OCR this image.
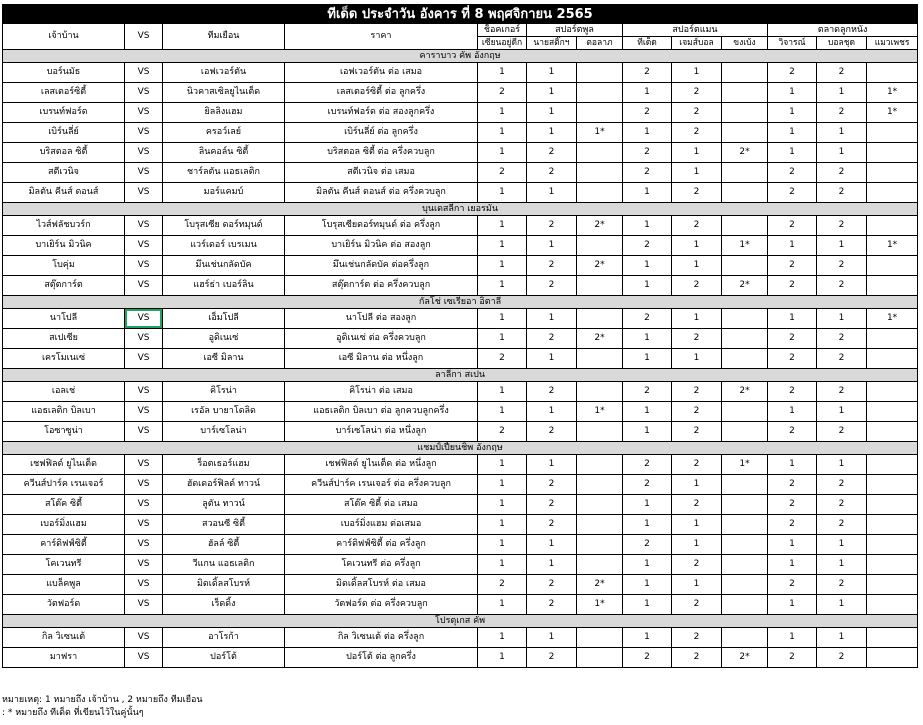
ทีเด็ด ประจำวัน อังคาร ที่ 8 พฤศจิกายน 2565												
เจ้าบ้าน	VS	ทีมเยือน	ราคา	ช็อคเกอร์	สปอร์ตพูล		สปอร์ตแมน			ตลาดลูกหนัง		
				เซียนอยู่ดีก	นายสติ๊กฯ	ตอลาภ	ทีเด็ด	เจมส์บอล	ขงเบ้ง	วิจารณ์	บอลชุด	แมวเพชร
คาราบาว คัพ อังกฤษ												
บอร์นมัธ	VS	เอฟเวอร์ตัน	เอฟเวอร์ตัน ต่อ เสมอ	1	1		2	1		2	2	
เลสเตอร์ซิตี้	VS	นิวคาสเซิลยูไนเต็ด	เลสเตอร์ซิตี้ ต่อ ลูกครึ่ง	2	1		1	2		1	1	1*
เบรนท์ฟอร์ด	VS	ยิลลิงแฮม	เบรนท์ฟอร์ด ต่อ สองลูกครึ่ง	1	1		2	2		1	2	1*
เบิร์นลี่ย์	VS	ครอว์เลย์	เบิร์นลี่ย์ ต่อ ลูกครึ่ง	1	1	1*	1	2		1	1	
บริสตอล ซิตี้	VS	ลินคอล์น ซิตี้	บริสตอล ซิตี้ ต่อ ครึ่งควบลูก	1	2		2	1	2*	1	1	
สตีเวนิจ	VS	ชาร์ลตัน แอธเลติก	สตีเวนิจ ต่อ เสมอ	2	2		2	1		2	2	
มิลตัน คีนส์ ดอนส์	VS	มอร์แคมบ์	มิลตัน คีนส์ ดอนส์ ต่อ ครึ่งควบลูก	1	1		1	2		2	2	
บุนเดสลีกา เยอรมัน												
ไวส์ฟลัชบวร์ก	VS	โบรุสเซีย ดอร์ทมุนด์	โบรุสเซียดอร์ทมุนด์ ต่อ ครึ่งลูก	1	2	2*	1	2		2	2	
บาเยิร์น มิวนิค	VS	แวร์เดอร์ เบรเมน	บาเยิร์น มิวนิค ต่อ สองลูก	1	1		2	1	1*	1	1	1*
โบคุ่ม	VS	มึนเช่นกลัดบัค	มึนเช่นกลัดบัค ต่อครึ่งลูก	1	2	2*	1	1		2	2	
สตุ๊ตการ์ต	VS	แฮร์ธ่า เบอร์ลิน	สตุ๊ตการ์ต ต่อ ครึ่งควบลูก	1	2		1	2	2*	2	2	
กัลโช่ เซเรียอา อิตาลี												
นาโปลี	VS	เอ็มโปลี	นาโปลี ต่อ สองลูก	1	1		2	1		1	1	1*
สเปเซีย	VS	อูดิเนเซ่	อูดิเนเซ่ ต่อ ครึ่งควบลูก	1	2	2*	1	2		2	2	
เครโมเนเซ่	VS	เอซี มิลาน	เอซี มิลาน ต่อ หนึ่งลูก	2	1		1	1		2	2	
ลาลีกา สเปน												
เอลเช่	VS	คิโรน่า	คิโรน่า ต่อ เสมอ	1	2		2	2	2*	2	2	
แอธเลติก บิลเบา	VS	เรอัล บายาโดลิด	แอธเลติก บิลเบา ต่อ ลูกควบลูกครึ่ง	1	1	1*	1	2		1	1	
โอซาซูน่า	VS	บาร์เซโลน่า	บาร์เซโลน่า ต่อ หนึ่งลูก	2	2		1	2		2	2	
แชมป์เปี้ยนชิพ อังกฤษ												
เชฟฟิลด์ ยูไนเต็ด	VS	ร็อตเธอร์แฮม	เชฟฟิลด์ ยูไนเต็ด ต่อ หนึ่งลูก	1	1		2	2	1*	1	1	
ควีนส์ปาร์ค เรนเจอร์	VS	ฮัดเดอร์ฟิลด์ ทาวน์	ควีนส์ปาร์ค เรนเจอร์ ต่อ ครึ่งควบลูก	1	2		2	1		2	2	
สโต๊ค ซิตี้	VS	ลูตัน ทาวน์	สโต๊ค ซิตี้ ต่อ เสมอ	1	2		1	2		2	2	
เบอร์มิ่งแฮม	VS	สวอนซี ซิตี้	เบอร์มิ่งแฮม ต่อเสมอ	1	2		1	1		2	2	
คาร์ดิฟฟ์ซิตี้	VS	ฮัลล์ ซิตี้	คาร์ดิฟฟ์ซิตี้ ต่อ ครึ่งลูก	1	1		2	1		1	1	
โคเวนทรี	VS	วีแกน แอธเลติก	โคเวนทรี ต่อ ครึ่งลูก	1	1		1	2		1	1	
แบล็คพูล	VS	มิดเดิ้ลสโบรห์	มิดเดิ้ลสโบรห์ ต่อ เสมอ	2	2	2*	1	1		2	2	
วัตฟอร์ด	VS	เร็ดดิ้ง	วัตฟอร์ด ต่อ ครึ่งควบลูก	1	2	1*	1	2		1	1	
โปรตุเกส คัพ												
กิล วิเซนเต้	VS	อาโรก้า	กิล วิเซนเต้ ต่อ ครึ่งลูก	1	1		1	2		1	1	
มาฟรา	VS	ปอร์โต้	ปอร์โต้ ต่อ ลูกครึ่ง	1	2		2	2	2*	2	2	
หมายเหตุ: 1 หมายถึง เจ้าบ้าน , 2 หมายถึง ทีมเยือน
: * หมายถึง ทีเด็ด ที่เขียนไว้ในคู่นั้นๆ
